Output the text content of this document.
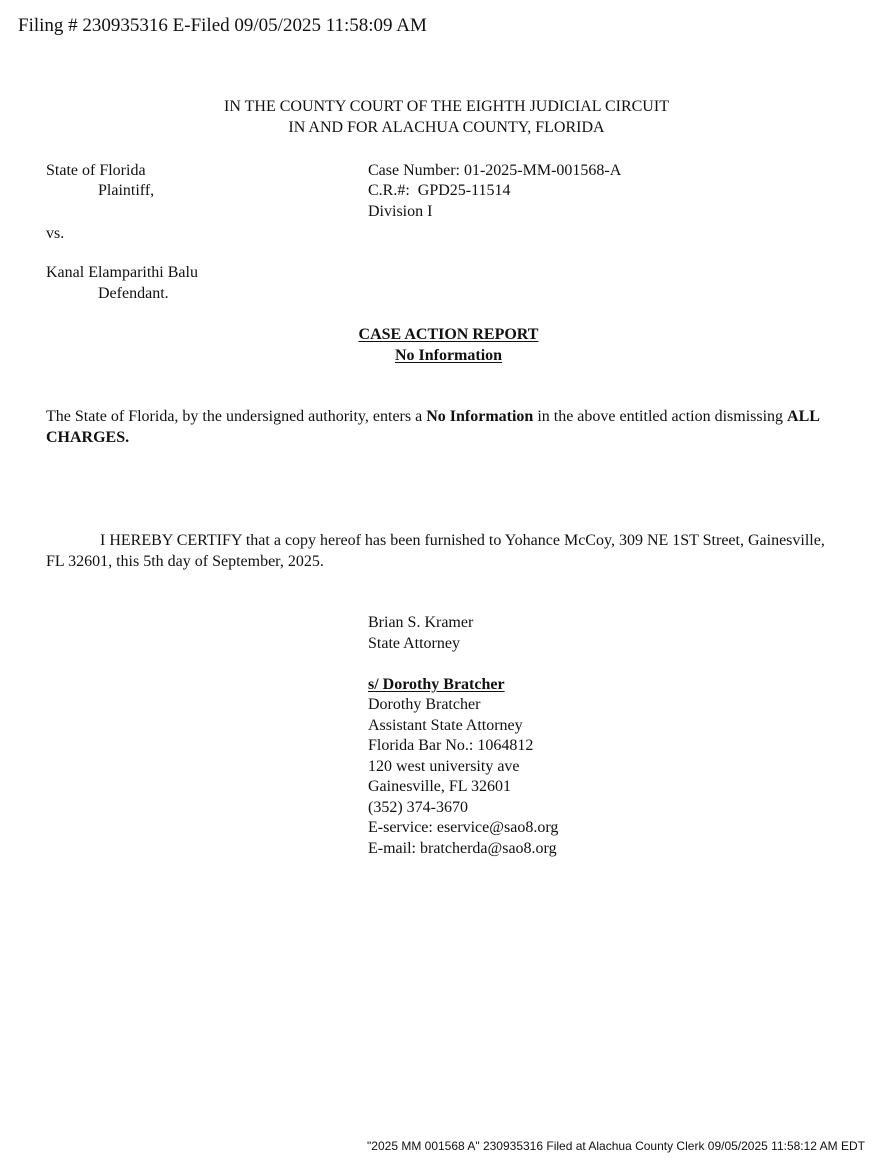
Filing # 230935316 E-Filed 09/05/2025 11:58:09 AM
IN THE COUNTY COURT OF THE EIGHTH JUDICIAL CIRCUIT
IN AND FOR ALACHUA COUNTY, FLORIDA
State of Florida
Plaintiff,
Case Number: 01-2025-MM-001568-A
C.R.#:  GPD25-11514
Division I
vs.
Kanal Elamparithi Balu
Defendant.
CASE ACTION REPORT
No Information
The State of Florida, by the undersigned authority, enters a No Information in the above entitled action dismissing ALL CHARGES.
I HEREBY CERTIFY that a copy hereof has been furnished to Yohance McCoy, 309 NE 1ST Street, Gainesville, FL 32601, this 5th day of September, 2025.
Brian S. Kramer
State Attorney
s/ Dorothy Bratcher
Dorothy Bratcher
Assistant State Attorney
Florida Bar No.: 1064812
120 west university ave
Gainesville, FL 32601
(352) 374-3670
E-service: eservice@sao8.org
E-mail: bratcherda@sao8.org
"2025 MM 001568 A" 230935316 Filed at Alachua County Clerk 09/05/2025 11:58:12 AM EDT
